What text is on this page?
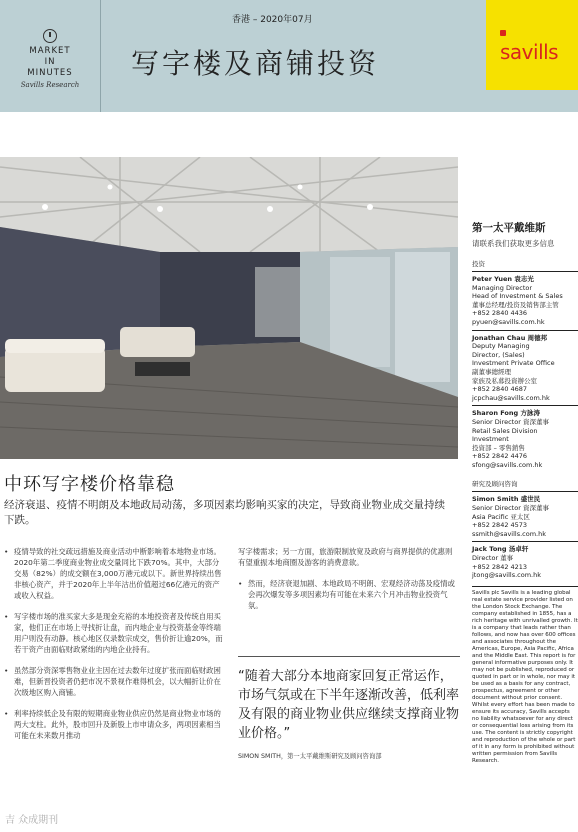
MARKET
IN
MINUTES
Savills Research
香港 – 2020年07月
写字楼及商铺投资	savills
第一太平戴维斯
请联系我们获取更多信息
投资
Peter Yuen 袁志光
Managing Director
Head of Investment & Sales
董事总经理/投资及销售部主管
+852 2840 4436
pyuen@savills.com.hk
Jonathan Chau 周德邦
Deputy Managing
Director, (Sales)
Investment Private Office
副董事總經理
家族及私募投資辦公室
+852 2840 4687
jcpchau@savills.com.hk
Sharon Fong 方詠涛
Senior Director 資深董事
Retail Sales Division
Investment
投資部 – 零售銷售
+852 2842 4476
sfong@savills.com.hk
研究及顾问咨询
Simon Smith 盛世民
Senior Director 資深董事
Asia Pacific 亚太区
+852 2842 4573
ssmith@savills.com.hk
Jack Tong 汤卓轩
Director 董事
+852 2842 4213
jtong@savills.com.hk
Savills plc Savills is a leading global real estate service provider listed on the London Stock Exchange. The company established in 1855, has a rich heritage with unrivalled growth. It is a company that leads rather than follows, and now has over 600 offices and associates throughout the Americas, Europe, Asia Pacific, Africa and the Middle East. This report is for general informative purposes only. It may not be published, reproduced or quoted in part or in whole, nor may it be used as a basis for any contract, prospectus, agreement or other document without prior consent. Whilst every effort has been made to ensure its accuracy, Savills accepts no liability whatsoever for any direct or consequential loss arising from its use. The content is strictly copyright and reproduction of the whole or part of it in any form is prohibited without written permission from Savills Research.
中环写字楼价格靠稳
经济衰退、疫情不明朗及本地政局动荡，多项因素均影响买家的决定，导致商业物业成交量持续下跌。
• 疫情导致的社交疏远措施及商业活动中断影响着本地物业市场。2020年第二季度商业物业成交量同比下跌70%。其中，大部分交易（82%）的成交额在3,000万港元或以下。新世界持续出售非核心资产，并于2020年上半年沽出价值超过66亿港元的资产或收入权益。
• 写字楼市场的准买家大多是现金充裕的本地投资者及传统自用买家，他们正在市场上寻找折让盘，而内地企业与投资基金等终端用户则没有动静。核心地区仅录数宗成交，售价折让逾20%，而若干资产由面临财政紧绌的内地企业持有。
• 虽然部分资深零售物业业主因在过去数年过度扩张而面临财政困难，但新晋投资者仍把市况不景视作难得机会，以大幅折让价在次级地区购入商铺。
• 利率持续低企及有限的短期商业物业供应仍然是商业物业市场的两大支柱。此外，股市回升及新股上市申请众多，两项因素相当可能在未来数月推动
写字楼需求；另一方面，旅游限制放宽及政府与商界提供的优惠则有望重振本地商圈及游客的消费意欲。
• 然而，经济衰退加剧、本地政局不明朗、宏观经济动荡及疫情或会再次爆发等多项因素均有可能在未来六个月冲击物业投资气氛。
“随着大部分本地商家回复正常运作，市场气氛或在下半年逐渐改善，低利率及有限的商业物业供应继续支撑商业物业价格。”
SIMON SMITH，第一太平戴维斯研究及顾问咨询部
吉 众成期刊
